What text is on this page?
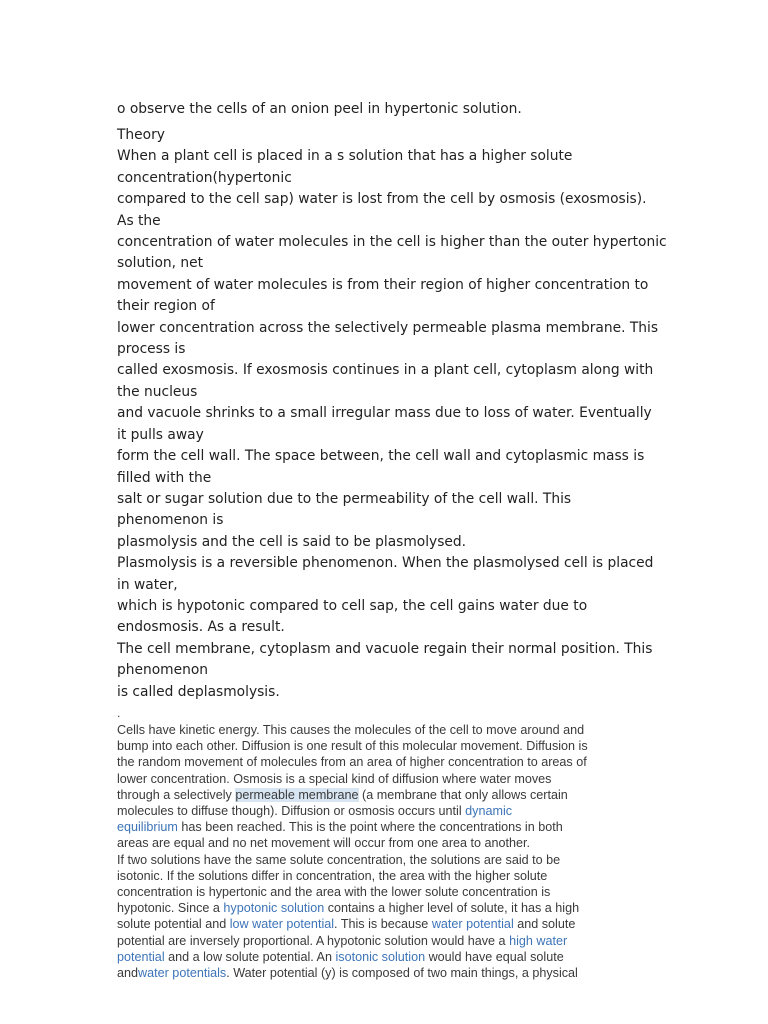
o observe the cells of an onion peel in hypertonic solution.
Theory
When a plant cell is placed in a s solution that has a higher solute
concentration(hypertonic
compared to the cell sap) water is lost from the cell by osmosis (exosmosis).
As the
concentration of water molecules in the cell is higher than the outer hypertonic
solution, net
movement of water molecules is from their region of higher concentration to
their region of
lower concentration across the selectively permeable plasma membrane. This
process is
called exosmosis. If exosmosis continues in a plant cell, cytoplasm along with
the nucleus
and vacuole shrinks to a small irregular mass due to loss of water. Eventually
it pulls away
form the cell wall. The space between, the cell wall and cytoplasmic mass is
filled with the
salt or sugar solution due to the permeability of the cell wall. This
phenomenon is
plasmolysis and the cell is said to be plasmolysed.
Plasmolysis is a reversible phenomenon. When the plasmolysed cell is placed
in water,
which is hypotonic compared to cell sap, the cell gains water due to
endosmosis. As a result.
The cell membrane, cytoplasm and vacuole regain their normal position. This
phenomenon
is called deplasmolysis.
.
Cells have kinetic energy. This causes the molecules of the cell to move around and
bump into each other. Diffusion is one result of this molecular movement. Diffusion is
the random movement of molecules from an area of higher concentration to areas of
lower concentration. Osmosis is a special kind of diffusion where water moves
through a selectively permeable membrane (a membrane that only allows certain
molecules to diffuse though). Diffusion or osmosis occurs until dynamic
equilibrium has been reached. This is the point where the concentrations in both
areas are equal and no net movement will occur from one area to another.
If two solutions have the same solute concentration, the solutions are said to be
isotonic. If the solutions differ in concentration, the area with the higher solute
concentration is hypertonic and the area with the lower solute concentration is
hypotonic. Since a hypotonic solution contains a higher level of solute, it has a high
solute potential and low water potential. This is because water potential and solute
potential are inversely proportional. A hypotonic solution would have a high water
potential and a low solute potential. An isotonic solution would have equal solute
andwater potentials. Water potential (y) is composed of two main things, a physical
